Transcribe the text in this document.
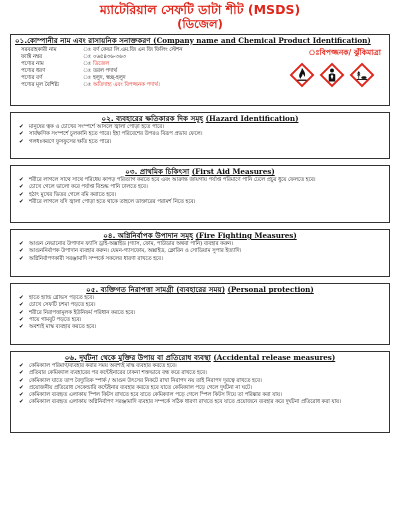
ম্যাটেরিয়াল সেফটি ডাটা শীট (MSDS)
(ডিজেল)
০১.কোম্পানীর নাম এবং রাসায়নিক সনাক্তকরণ (Company name and Chemical Product Identification)
সরবরাহকারী নাম	ঃ	বর্ণ কেভা লি.এম.জি এন জি ফিলিং স্টেশন
ফ্যাক্ট নম্বর	ঃ	০৬৫৪৩৬-৩৬৩
পণ্যের নাম	ঃ	ডিজেল
পণ্যের ধরণ	ঃ	তরল পদার্থ
পণ্যের বর্ণ	ঃ	হলুদ, স্বচ্ছ-হলুদ
পণ্যের মূল বৈশিষ্ট্য	ঃ	অতিদাহ্য এবং বিপজ্জনক পদার্থ।
ঃবিপজ্জনক/ ঝুঁকিমাত্রা
০২. ব্যবহারের ক্ষতিকারক দিক সমূহ (Hazard Identification)
✔ মানুষের ত্বক ও চোখের সংস্পর্শে আসলে জ্বালা পোড়া হতে পারে।
✔ সার্বক্ষণিক সংস্পর্শে চুলকানি হতে পারে। ইহা পরিবেশের উপরও বিরূপ প্রভাব ফেলে।
✔ গলধঃকরণে ফুসফুসের ক্ষতি হতে পারে।
০৩. প্রাথমিক চিকিৎসা (First Aid Measures)
✔ শরীরে লাগলে সাথে সাথে পরিধেয় কাপড় পরিত্যাগ করতে হবে এবং আক্রান্ত জায়গায় পর্যাপ্ত পরিমাণে পানি ঢেলে প্রচুর ধুয়ে ফেলতে হবে।
✔ চোখে গেলে ভালো করে পর্যাপ্ত বিশুদ্ধ পানি ঢালতে হবে।
✔ হঠাৎ মুখের ভিতর গেলে বমি করাতে হবে।
✔ শরীরে লাগলে যদি জ্বালা পোড়া হতে থাকে তাহলে ডাক্তারের পরামর্শ নিতে হবে।
০৪. অগ্নিনির্বাপক উপাদান সমূহ (Fire Fighting Measures)
✔ আগুন নেভানোর উপাদান ফ্যাসি ড্রাই-অক্সাইড (গ্যাস, ফোম, পাউডার অথবা পানি) ব্যবহার করুন।
✔ আগুননির্বাপক উপাদান ব্যবহার করুন। যেমন-গ্যাসফোম, অক্সাইড, ক্লোরিন ও সোডিয়াম সুপার ইত্যাদি।
✔ অগ্নিনির্বাপণকারী সরঞ্জামাদি সম্পর্কে সকলের ধারণা রাখতে হবে।
০৫. ব্যক্তিগত নিরাপত্তা সামগ্রী (ব্যবহারের সময়) (Personal protection)
✔ হাতে হ্যান্ড গ্লোভস পড়তে হবে।
✔ চোখে সেফটি চশমা পড়তে হবে।
✔ শরীরে নিরাপত্তামূলক ইউনিফর্ম পরিধান করতে হবে।
✔ পায়ে গামবুট পড়তে হবে।
✔ অবশ্যই মাস্ক ব্যবহার করতে হবে।
০৬. দুর্ঘটনা থেকে মুক্তির উপায় বা প্রতিরোধ ব্যবস্থা (Accidental release measures)
✔ কেমিক্যাল পরিমাণ/ব্যবহার করার সময় অবশ্যই মাস্ক ব্যবহার করতে হবে।
✔ প্রতিবার কেমিক্যাল ব্যবহারের পর কন্টেইনারের ঢাকনা শক্তভাবে বন্ধ করে রাখতে হবে।
✔ কেমিক্যাল যাতে তাপ বৈদ্যুতিক স্পার্ক / আগুন উৎসের নিকটে রাখা নিরাপদ নয় তাই নিরাপদ দূরত্বে রাখতে হবে।
✔ প্রয়োজনীয় প্রতিরোধ সেকেন্ডারি কন্টেইনার ব্যবহার করতে হবে যাতে কেমিক্যাল পড়ে গেলে দুর্ঘটনা না ঘটে।
✔ কেমিক্যাল ব্যবহৃত এলাকায় স্পিল কিটস রাখতে হবে যাতে কেমিক্যাল পড়ে গেলে স্পিল কিটস দিয়ে তা পরিষ্কার করা যায়।
✔ কেমিক্যাল ব্যবহৃত এলাকায় অগ্নিনির্বাপণ সরঞ্জামাদি ব্যবহার সম্পর্কে সঠিক ধারণা রাখতে হবে যাতে প্রয়োজনে ব্যবহার করে দুর্ঘটনা প্রতিরোধ করা যায়।
